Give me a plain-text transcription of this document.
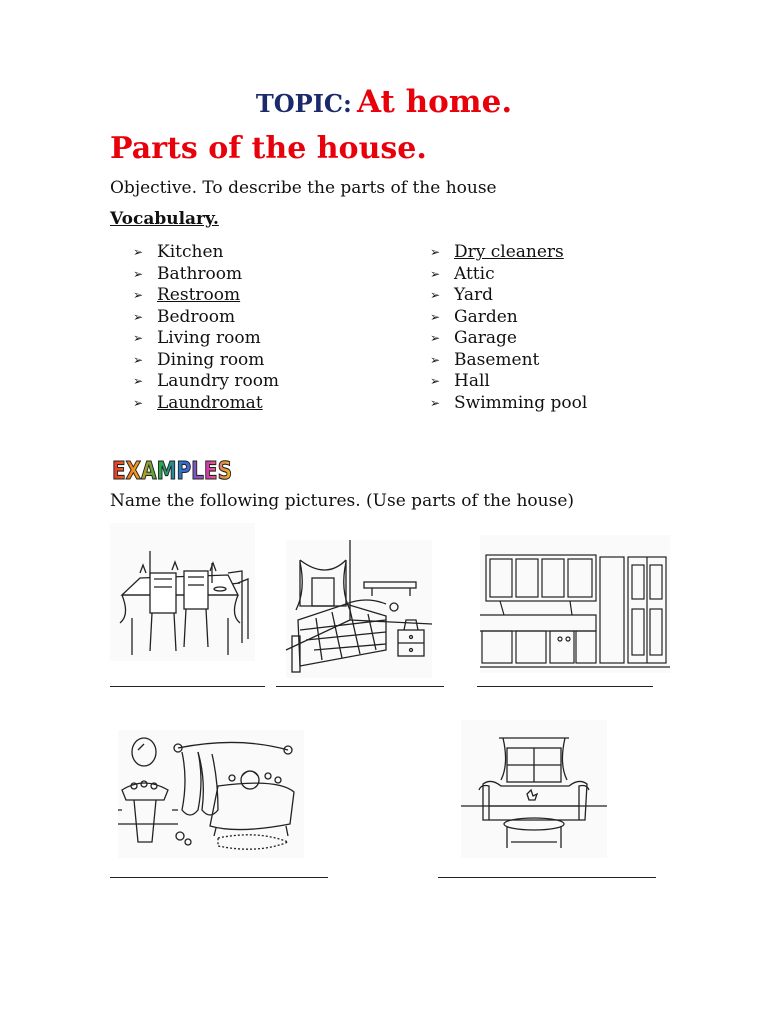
TOPIC: At home.
Parts of the house.
Objective. To describe the parts of the house
Vocabulary.
➢ Kitchen
➢ Bathroom
➢ Restroom
➢ Bedroom
➢ Living room
➢ Dining room
➢ Laundry room
➢ Laundromat
➢ Dry cleaners
➢ Attic
➢ Yard
➢ Garden
➢ Garage
➢ Basement
➢ Hall
➢ Swimming pool
EXAMPLES
Name the following pictures. (Use parts of the house)
